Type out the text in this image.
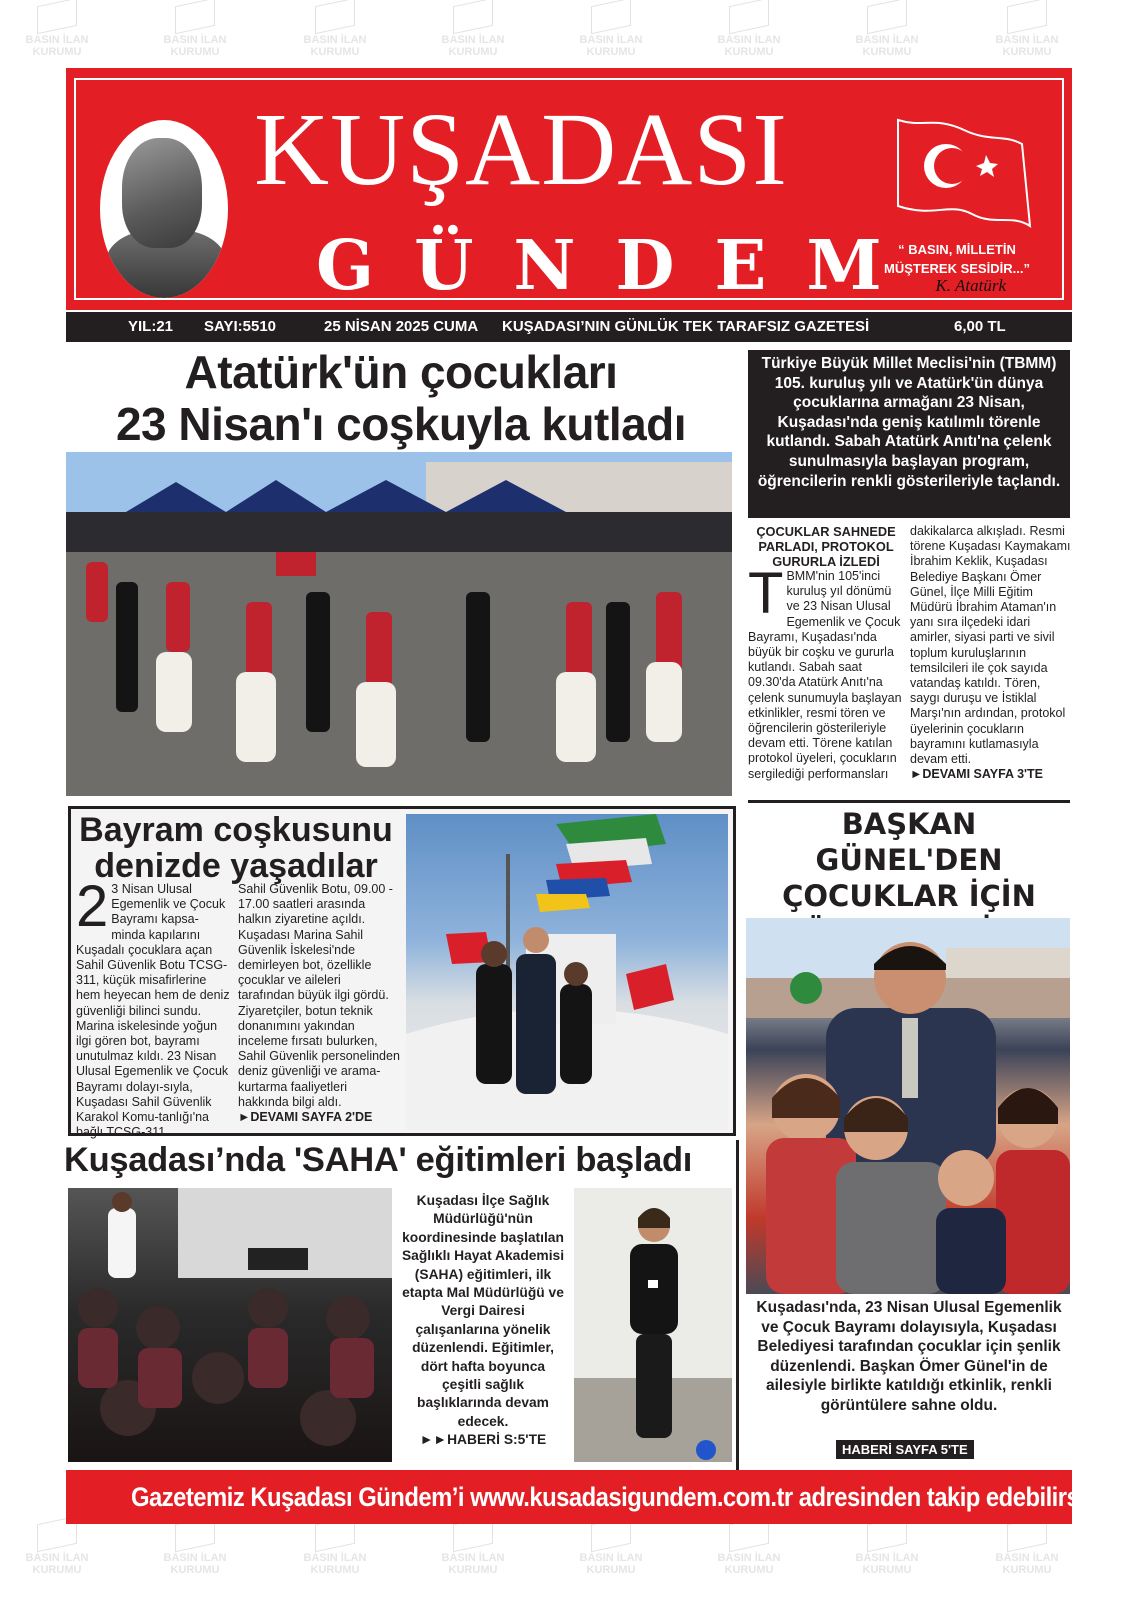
BASIN İLAN
KURUMU
BASIN İLAN
KURUMU
BASIN İLAN
KURUMU
BASIN İLAN
KURUMU
BASIN İLAN
KURUMU
BASIN İLAN
KURUMU
BASIN İLAN
KURUMU
BASIN İLAN
KURUMU
BASIN İLAN
KURUMU
BASIN İLAN
KURUMU
BASIN İLAN
KURUMU
BASIN İLAN
KURUMU
BASIN İLAN
KURUMU
BASIN İLAN
KURUMU
BASIN İLAN
KURUMU
BASIN İLAN
KURUMU
KUŞADASI
GÜNDEM
“ BASIN, MİLLETİN
MÜŞTEREK SESİDİR...”
K. Atatürk
YIL:21 SAYI:5510	25 NİSAN 2025 CUMA KUŞADASI’NIN GÜNLÜK TEK TARAFSIZ GAZETESİ	6,00 TL
Atatürk'ün çocukları
23 Nisan'ı coşkuyla kutladı
Türkiye Büyük Millet Meclisi'nin (TBMM) 105. kuruluş yılı ve Atatürk'ün dünya çocuklarına armağanı 23 Nisan, Kuşadası'nda geniş katılımlı törenle kutlandı. Sabah Atatürk Anıtı'na çelenk sunulmasıyla başlayan program, öğrencilerin renkli gösterileriyle taçlandı.
ÇOCUKLAR SAHNEDE PARLADI, PROTOKOL GURURLA İZLEDİ
T BMM'nin 105'inci kuruluş yıl dönümü ve 23 Nisan Ulusal Egemenlik ve Çocuk Bayramı, Kuşadası'nda büyük bir coşku ve gururla kutlandı. Sabah saat 09.30'da Atatürk Anıtı'na çelenk sunumuyla başlayan etkinlikler, resmi tören ve öğrencilerin gösterileriyle devam etti. Törene katılan protokol üyeleri, çocukların sergilediği performansları
dakikalarca alkışladı. Resmi törene Kuşadası Kaymakamı İbrahim Keklik, Kuşadası Belediye Başkanı Ömer Günel, İlçe Milli Eğitim Müdürü İbrahim Ataman'ın yanı sıra ilçedeki idari amirler, siyasi parti ve sivil toplum kuruluşlarının temsilcileri ile çok sayıda vatandaş katıldı. Tören, saygı duruşu ve İstiklal Marşı'nın ardından, protokol üyelerinin çocukların bayramını kutlamasıyla devam etti.
►DEVAMI SAYFA 3'TE
Bayram coşkusunu
denizde yaşadılar
2 3 Nisan Ulusal Egemenlik ve Çocuk Bayramı kapsa-minda kapılarını Kuşadalı çocuklara açan Sahil Güvenlik Botu TCSG-311, küçük misafirlerine hem heyecan hem de deniz güvenliği bilinci sundu. Marina iskelesinde yoğun ilgi gören bot, bayramı unutulmaz kıldı. 23 Nisan Ulusal Egemenlik ve Çocuk Bayramı dolayı-sıyla, Kuşadası Sahil Güvenlik Karakol Komu-tanlığı'na bağlı TCSG-311
Sahil Güvenlik Botu, 09.00 - 17.00 saatleri arasında halkın ziyaretine açıldı. Kuşadası Marina Sahil Güvenlik İskelesi'nde demirleyen bot, özellikle çocuklar ve aileleri tarafından büyük ilgi gördü. Ziyaretçiler, botun teknik donanımını yakından inceleme fırsatı bulurken, Sahil Güvenlik personelinden deniz güvenliği ve arama-kurtarma faaliyetleri hakkında bilgi aldı.
►DEVAMI SAYFA 2'DE
Kuşadası’nda 'SAHA' eğitimleri başladı
Kuşadası İlçe Sağlık Müdürlüğü'nün koordinesinde başlatılan Sağlıklı Hayat Akademisi (SAHA) eğitimleri, ilk etapta Mal Müdürlüğü ve Vergi Dairesi çalışanlarına yönelik düzenlendi. Eğitimler, dört hafta boyunca çeşitli sağlık başlıklarında devam edecek.
►►HABERİ S:5'TE
BAŞKAN GÜNEL'DEN
ÇOCUKLAR İÇİN
Kuşadası'nda, 23 Nisan Ulusal Egemenlik ve Çocuk Bayramı dolayısıyla, Kuşadası Belediyesi tarafından çocuklar için şenlik düzenlendi. Başkan Ömer Günel'in de ailesiyle birlikte katıldığı etkinlik, renkli görüntülere sahne oldu.
HABERİ SAYFA 5'TE
Gazetemiz Kuşadası Gündem’i www.kusadasigundem.com.tr adresinden takip edebilirsiniz
